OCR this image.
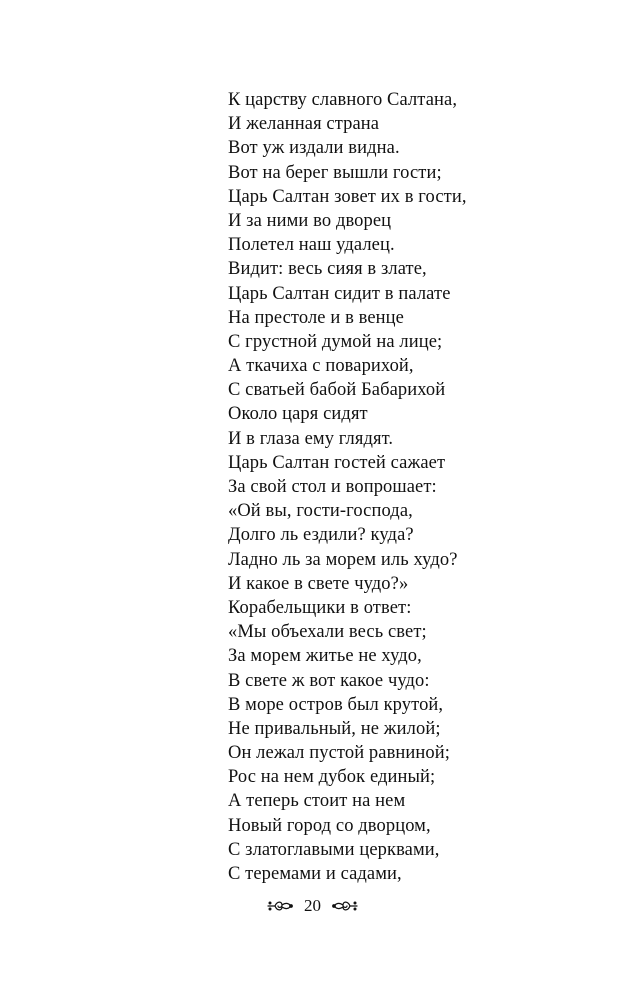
К царству славного Салтана,
И желанная страна
Вот уж издали видна.
Вот на берег вышли гости;
Царь Салтан зовет их в гости,
И за ними во дворец
Полетел наш удалец.
Видит: весь сияя в злате,
Царь Салтан сидит в палате
На престоле и в венце
С грустной думой на лице;
А ткачиха с поварихой,
С сватьей бабой Бабарихой
Около царя сидят
И в глаза ему глядят.
Царь Салтан гостей сажает
За свой стол и вопрошает:
«Ой вы, гости-господа,
Долго ль ездили? куда?
Ладно ль за морем иль худо?
И какое в свете чудо?»
Корабельщики в ответ:
«Мы объехали весь свет;
За морем житье не худо,
В свете ж вот какое чудо:
В море остров был крутой,
Не привальный, не жилой;
Он лежал пустой равниной;
Рос на нем дубок единый;
А теперь стоит на нем
Новый город со дворцом,
С златоглавыми церквами,
С теремами и садами,
20
